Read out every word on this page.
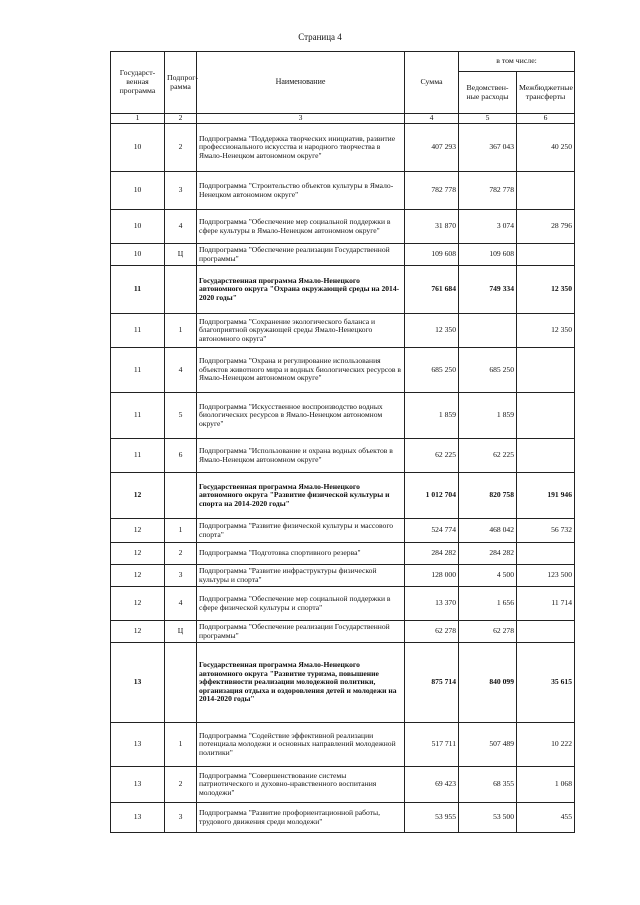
Страница 4
Государст-венная программа	Подпрог-рамма	Наименование	Сумма	в том числе:	
				Ведомствен-ные расходы	Межбюджетные трансферты
1	2	3	4	5	6
10	2	Подпрограмма "Поддержка творческих инициатив, развитие профессионального искусства и народного творчества в Ямало-Ненецком автономном округе"	407 293	367 043	40 250
10	3	Подпрограмма "Строительство объектов культуры в Ямало-Ненецком автономном округе"	782 778	782 778	
10	4	Подпрограмма "Обеспечение мер социальной поддержки в сфере культуры в Ямало-Ненецком автономном округе"	31 870	3 074	28 796
10	Ц	Подпрограмма "Обеспечение реализации Государственной программы"	109 608	109 608	
11		Государственная программа Ямало-Ненецкого автономного округа "Охрана окружающей среды на 2014-2020 годы"	761 684	749 334	12 350
11	1	Подпрограмма "Сохранение экологического баланса и благоприятной окружающей среды Ямало-Ненецкого автономного округа"	12 350		12 350
11	4	Подпрограмма "Охрана и регулирование использования объектов животного мира и водных биологических ресурсов в Ямало-Ненецком автономном округе"	685 250	685 250	
11	5	Подпрограмма "Искусственное воспроизводство водных биологических ресурсов в Ямало-Ненецком автономном округе"	1 859	1 859	
11	6	Подпрограмма "Использование и охрана водных объектов в Ямало-Ненецком автономном округе"	62 225	62 225	
12		Государственная программа Ямало-Ненецкого автономного округа "Развитие физической культуры и спорта на 2014-2020 годы"	1 012 704	820 758	191 946
12	1	Подпрограмма "Развитие физической культуры и массового спорта"	524 774	468 042	56 732
12	2	Подпрограмма "Подготовка спортивного резерва"	284 282	284 282	
12	3	Подпрограмма "Развитие инфраструктуры физической культуры и спорта"	128 000	4 500	123 500
12	4	Подпрограмма "Обеспечение мер социальной поддержки в сфере физической культуры и спорта"	13 370	1 656	11 714
12	Ц	Подпрограмма "Обеспечение реализации Государственной программы"	62 278	62 278	
13		Государственная программа Ямало-Ненецкого автономного округа "Развитие туризма, повышение эффективности реализации молодежной политики, организация отдыха и оздоровления детей и молодежи на 2014-2020 годы"	875 714	840 099	35 615
13	1	Подпрограмма "Содействие эффективной реализации потенциала молодежи и основных направлений молодежной политики"	517 711	507 489	10 222
13	2	Подпрограмма "Совершенствование системы патриотического и духовно-нравственного воспитания молодежи"	69 423	68 355	1 068
13	3	Подпрограмма "Развитие профориентационной работы, трудового движения среди молодежи"	53 955	53 500	455
